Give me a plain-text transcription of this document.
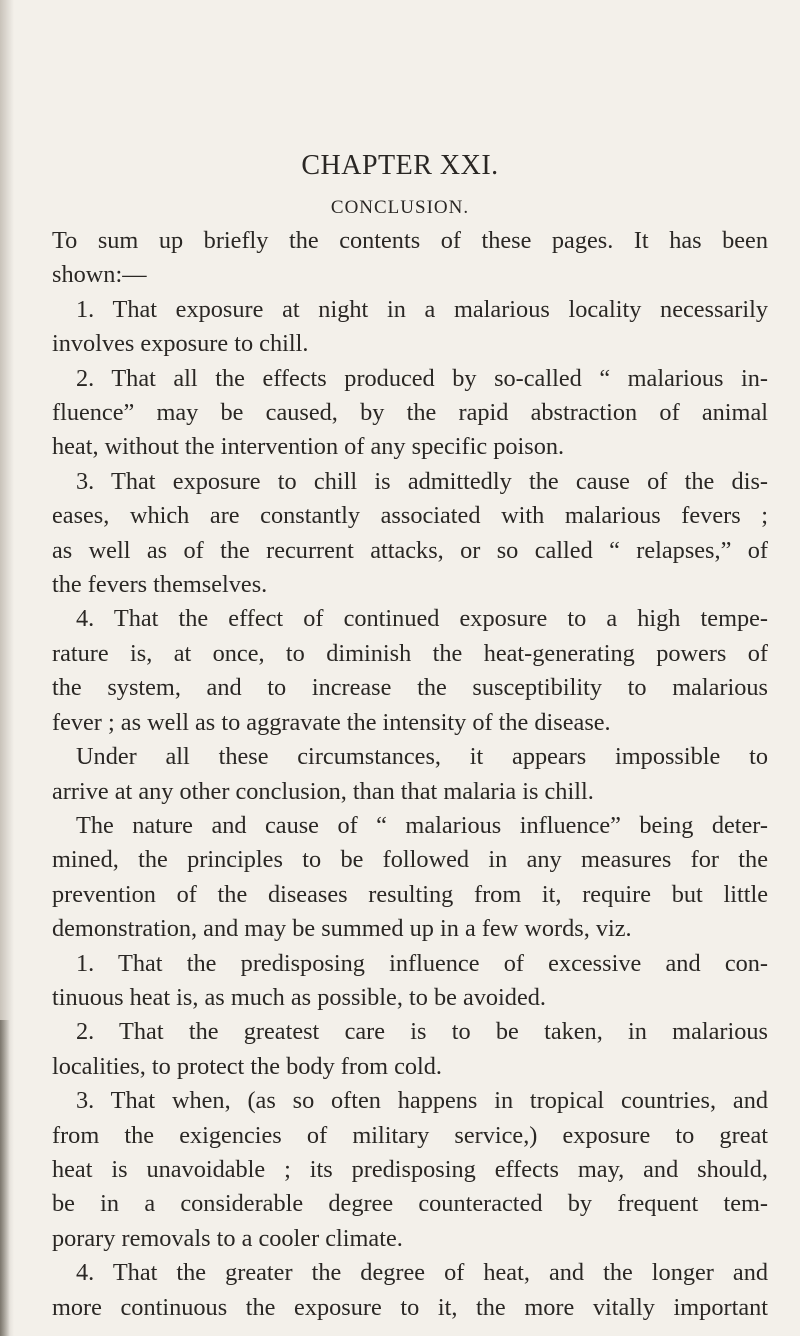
CHAPTER XXI.
CONCLUSION.
To sum up briefly the contents of these pages. It has been
shown:—
1. That exposure at night in a malarious locality necessarily
involves exposure to chill.
2. That all the effects produced by so-called “ malarious in-
fluence” may be caused, by the rapid abstraction of animal
heat, without the intervention of any specific poison.
3. That exposure to chill is admittedly the cause of the dis-
eases, which are constantly associated with malarious fevers ;
as well as of the recurrent attacks, or so called “ relapses,” of
the fevers themselves.
4. That the effect of continued exposure to a high tempe-
rature is, at once, to diminish the heat-generating powers of
the system, and to increase the susceptibility to malarious
fever ; as well as to aggravate the intensity of the disease.
Under all these circumstances, it appears impossible to
arrive at any other conclusion, than that malaria is chill.
The nature and cause of “ malarious influence” being deter-
mined, the principles to be followed in any measures for the
prevention of the diseases resulting from it, require but little
demonstration, and may be summed up in a few words, viz.
1. That the predisposing influence of excessive and con-
tinuous heat is, as much as possible, to be avoided.
2. That the greatest care is to be taken, in malarious
localities, to protect the body from cold.
3. That when, (as so often happens in tropical countries, and
from the exigencies of military service,) exposure to great
heat is unavoidable ; its predisposing effects may, and should,
be in a considerable degree counteracted by frequent tem-
porary removals to a cooler climate.
4. That the greater the degree of heat, and the longer and
more continuous the exposure to it, the more vitally important
